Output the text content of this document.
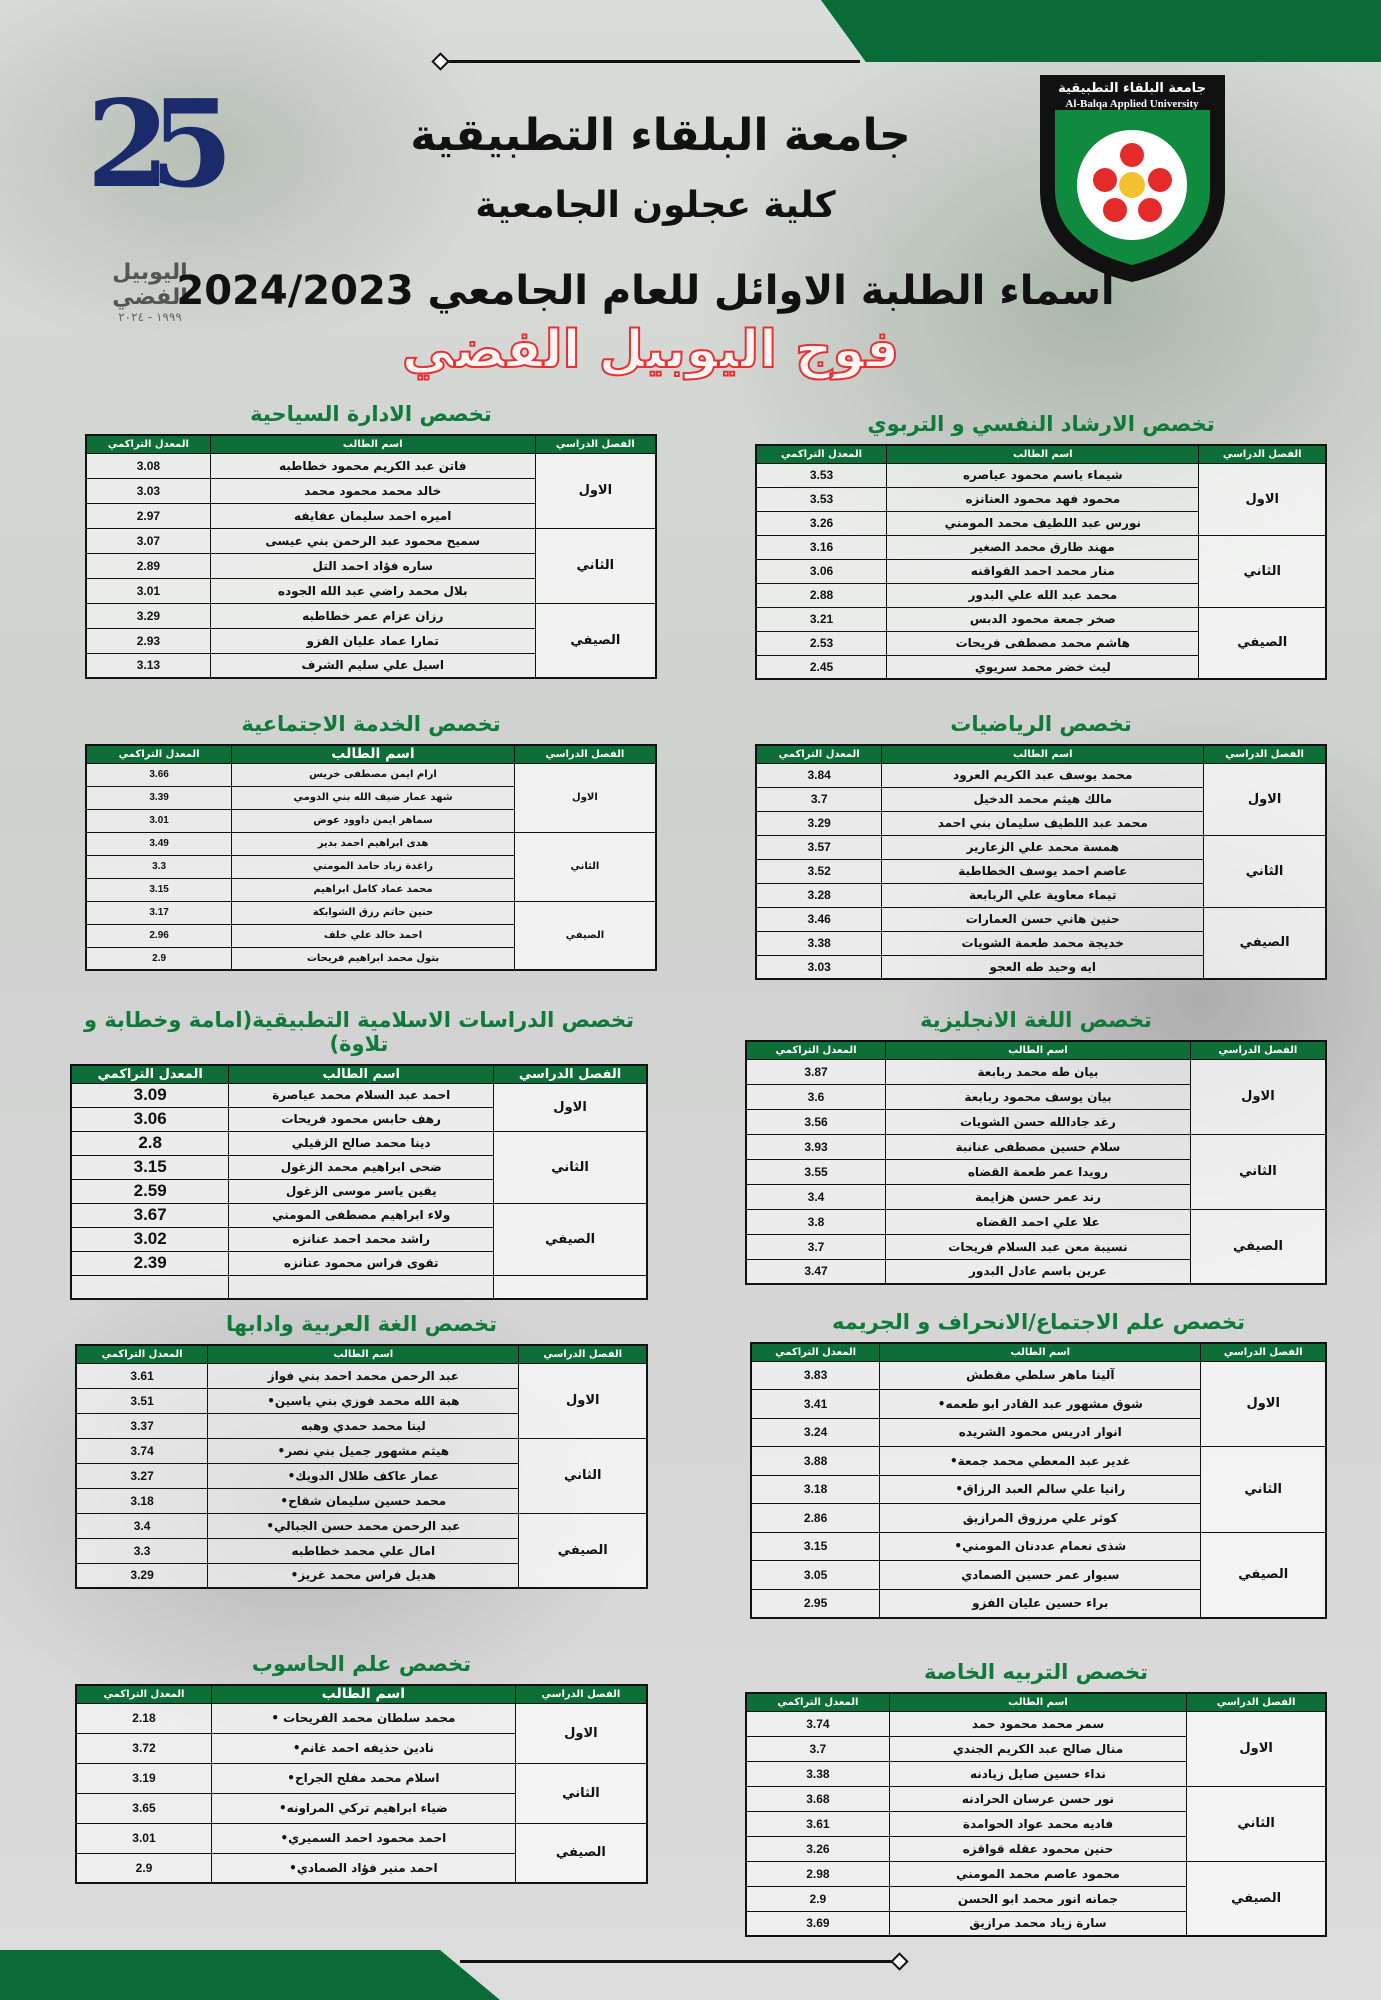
25
اليوبيل الفضي
١٩٩٩ - ٢٠٢٤
جامعة البلقاء التطبيقية
Al-Balqa Applied University
جامعة البلقاء التطبيقية
كلية عجلون الجامعية
أسماء الطلبة الاوائل للعام الجامعي 2024/2023
فوج اليوبيل الفضي
تخصص الادارة السياحية
الفصل الدراسي	اسم الطالب	المعدل التراكمي
الاول	فاتن عبد الكريم محمود خطاطبه	3.08
	خالد محمد محمود محمد	3.03
	اميره احمد سليمان عفايفه	2.97
الثاني	سميح محمود عبد الرحمن بني عيسى	3.07
	ساره فؤاد احمد التل	2.89
	بلال محمد راضي عبد الله الجوده	3.01
الصيفي	رزان عزام عمر خطاطبه	3.29
	تمارا عماد عليان الفزو	2.93
	اسيل علي سليم الشرف	3.13
تخصص الارشاد النفسي و التربوي
الفصل الدراسي	اسم الطالب	المعدل التراكمي
الاول	شيماء باسم محمود عياصره	3.53
	محمود فهد محمود العنانزه	3.53
	نورس عبد اللطيف محمد المومني	3.26
الثاني	مهند طارق محمد الصغير	3.16
	منار محمد احمد القواقنه	3.06
	محمد عبد الله علي البدور	2.88
الصيفي	صخر جمعة محمود الدبس	3.21
	هاشم محمد مصطفى فريحات	2.53
	ليث خضر محمد سريوي	2.45
تخصص الخدمة الاجتماعية
الفصل الدراسي	اسم الطالب	المعدل التراكمي
الاول	ارام ايمن مصطفى خريس	3.66
	شهد عمار ضيف الله بني الدومي	3.39
	سماهر ايمن داوود عوض	3.01
الثاني	هدى ابراهيم احمد بدير	3.49
	راغدة زياد حامد المومني	3.3
	محمد عماد كامل ابراهيم	3.15
الصيفي	حنين حاتم رزق الشوابكة	3.17
	احمد خالد علي خلف	2.96
	بتول محمد ابراهيم فريحات	2.9
تخصص الرياضيات
الفصل الدراسي	اسم الطالب	المعدل التراكمي
الاول	محمد يوسف عبد الكريم العرود	3.84
	مالك هيثم محمد الدخيل	3.7
	محمد عبد اللطيف سليمان بني احمد	3.29
الثاني	همسة محمد علي الزعارير	3.57
	عاصم احمد يوسف الخطاطبة	3.52
	تيماء معاوية علي الربابعة	3.28
الصيفي	حنين هاني حسن العمارات	3.46
	خديجة محمد طعمة الشويات	3.38
	ايه وحيد طه العجو	3.03
تخصص الدراسات الاسلامية التطبيقية(امامة وخطابة و تلاوة)
الفصل الدراسي	اسم الطالب	المعدل التراكمي
الاول	احمد عبد السلام محمد عياصرة	3.09
	رهف حابس محمود فريحات	3.06
الثاني	دينا محمد صالح الزقيلي	2.8
	ضحى ابراهيم محمد الزغول	3.15
	يقين ياسر موسى الزغول	2.59
الصيفي	ولاء ابراهيم مصطفى المومني	3.67
	راشد محمد احمد عنانزه	3.02
	تقوى فراس محمود عنانزه	2.39

تخصص اللغة الانجليزية
الفصل الدراسي	اسم الطالب	المعدل التراكمي
الاول	بيان طه محمد ربابعة	3.87
	بيان يوسف محمود ربابعة	3.6
	رغد جادالله حسن الشويات	3.56
الثاني	سلام حسين مصطفى عنانبة	3.93
	رويدا عمر طعمة القضاه	3.55
	رند عمر حسن هزايمة	3.4
الصيفي	علا علي احمد القضاه	3.8
	نسيبة معن عبد السلام فريحات	3.7
	عرين باسم عادل البدور	3.47
تخصص الغة العربية وادابها
الفصل الدراسي	اسم الطالب	المعدل التراكمي
الاول	عبد الرحمن محمد احمد بني فواز	3.61
	هبة الله محمد فوزي بني ياسين•	3.51
	لينا محمد حمدي وهبه	3.37
الثاني	هيثم مشهور جميل بني نصر•	3.74
	عمار عاكف طلال الدويك•	3.27
	محمد حسين سليمان شقاح•	3.18
الصيفي	عبد الرحمن محمد حسن الجبالي•	3.4
	امال علي محمد خطاطبه	3.3
	هديل فراس محمد غريز•	3.29
تخصص علم الاجتماع/الانحراف و الجريمه
الفصل الدراسي	اسم الطالب	المعدل التراكمي
الاول	آلينا ماهر سلطي مقطش	3.83
	شوق مشهور عبد القادر ابو طعمه•	3.41
	انوار ادريس محمود الشريده	3.24
الثاني	غدير عبد المعطي محمد جمعة•	3.88
	رانيا علي سالم العبد الرزاق•	3.18
	كوثر علي مرزوق المرازيق	2.86
الصيفي	شذى نعمام عددنان المومني•	3.15
	سيوار عمر حسين الصمادي	3.05
	براء حسين عليان الفزو	2.95
تخصص علم الحاسوب
الفصل الدراسي	اسم الطالب	المعدل التراكمي
الاول	محمد سلطان محمد الفريحات •	2.18
	نادين حذيفه احمد غانم•	3.72
الثاني	اسلام محمد مفلح الجراح•	3.19
	ضياء ابراهيم تركي المراونه•	3.65
الصيفي	احمد محمود احمد السميري•	3.01
	احمد منير فؤاد الصمادي•	2.9
تخصص التربيه الخاصة
الفصل الدراسي	اسم الطالب	المعدل التراكمي
الاول	سمر محمد محمود حمد	3.74
	منال صالح عبد الكريم الجندي	3.7
	نداء حسين صايل زيادنه	3.38
الثاني	نور حسن عرسان الحرادنه	3.68
	فاديه محمد عواد الحوامدة	3.61
	حنين محمود عقله قواقزه	3.26
الصيفي	محمود عاصم محمد المومني	2.98
	جمانه انور محمد ابو الحسن	2.9
	سارة زياد محمد مرازيق	3.69
